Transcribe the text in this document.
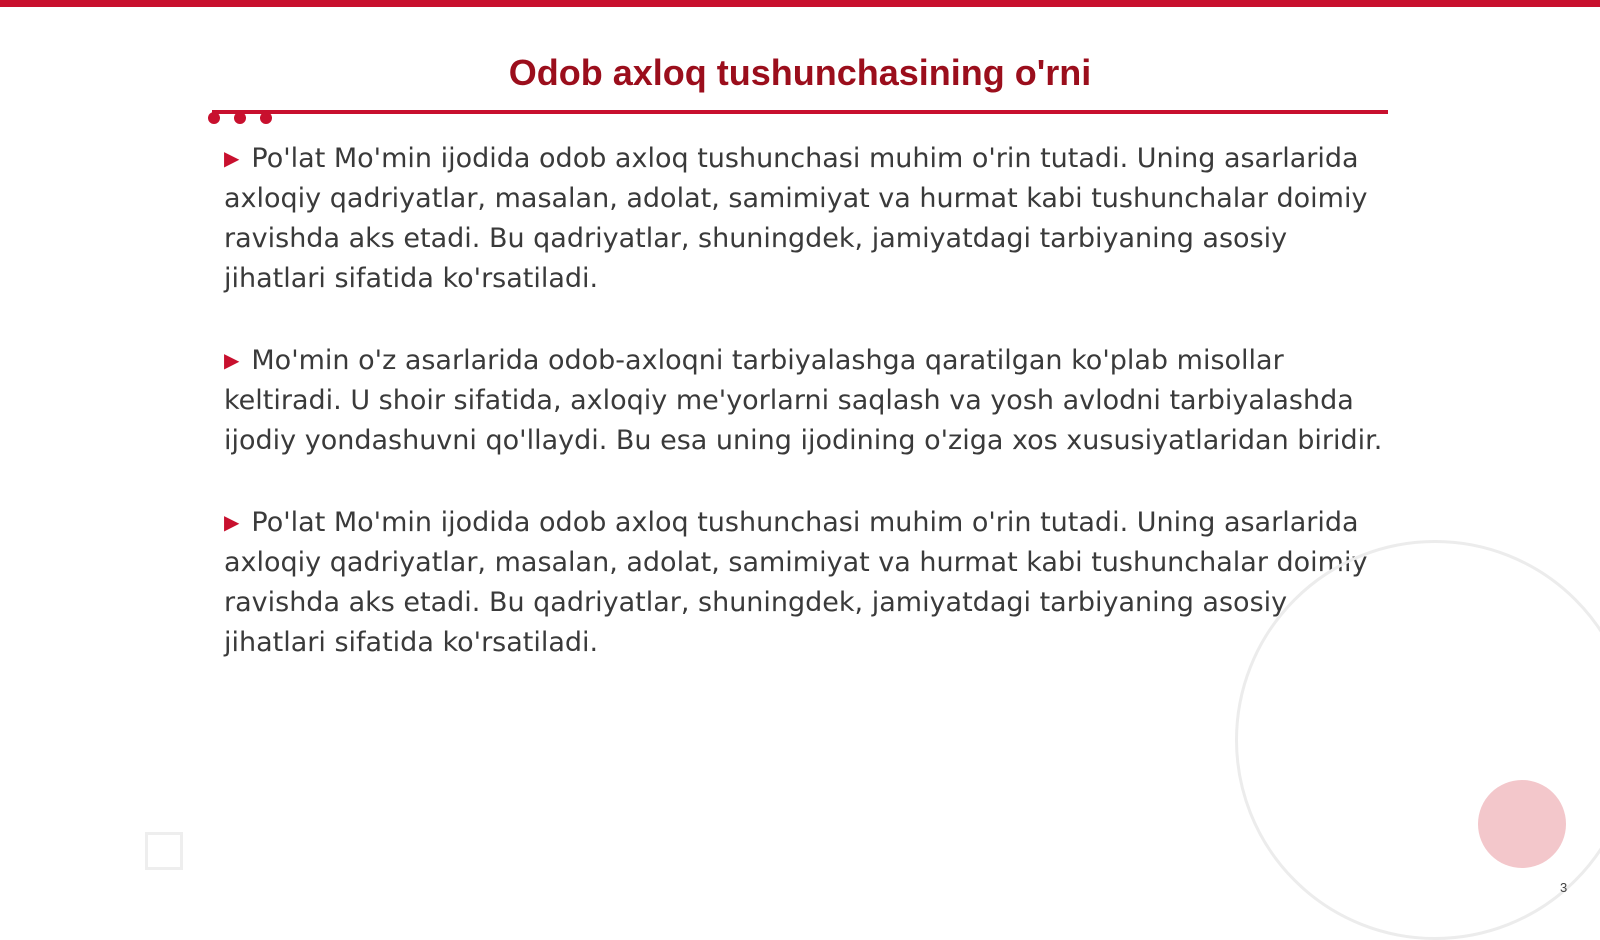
Odob axloq tushunchasining o'rni

▶ Po'lat Mo'min ijodida odob axloq tushunchasi muhim o'rin tutadi. Uning asarlarida axloqiy qadriyatlar, masalan, adolat, samimiyat va hurmat kabi tushunchalar doimiy ravishda aks etadi. Bu qadriyatlar, shuningdek, jamiyatdagi tarbiyaning asosiy jihatlari sifatida ko'rsatiladi.

▶ Mo'min o'z asarlarida odob-axloqni tarbiyalashga qaratilgan ko'plab misollar keltiradi. U shoir sifatida, axloqiy me'yorlarni saqlash va yosh avlodni tarbiyalashda ijodiy yondashuvni qo'llaydi. Bu esa uning ijodining o'ziga xos xususiyatlaridan biridir.

▶ Po'lat Mo'min ijodida odob axloq tushunchasi muhim o'rin tutadi. Uning asarlarida axloqiy qadriyatlar, masalan, adolat, samimiyat va hurmat kabi tushunchalar doimiy ravishda aks etadi. Bu qadriyatlar, shuningdek, jamiyatdagi tarbiyaning asosiy jihatlari sifatida ko'rsatiladi.

3
